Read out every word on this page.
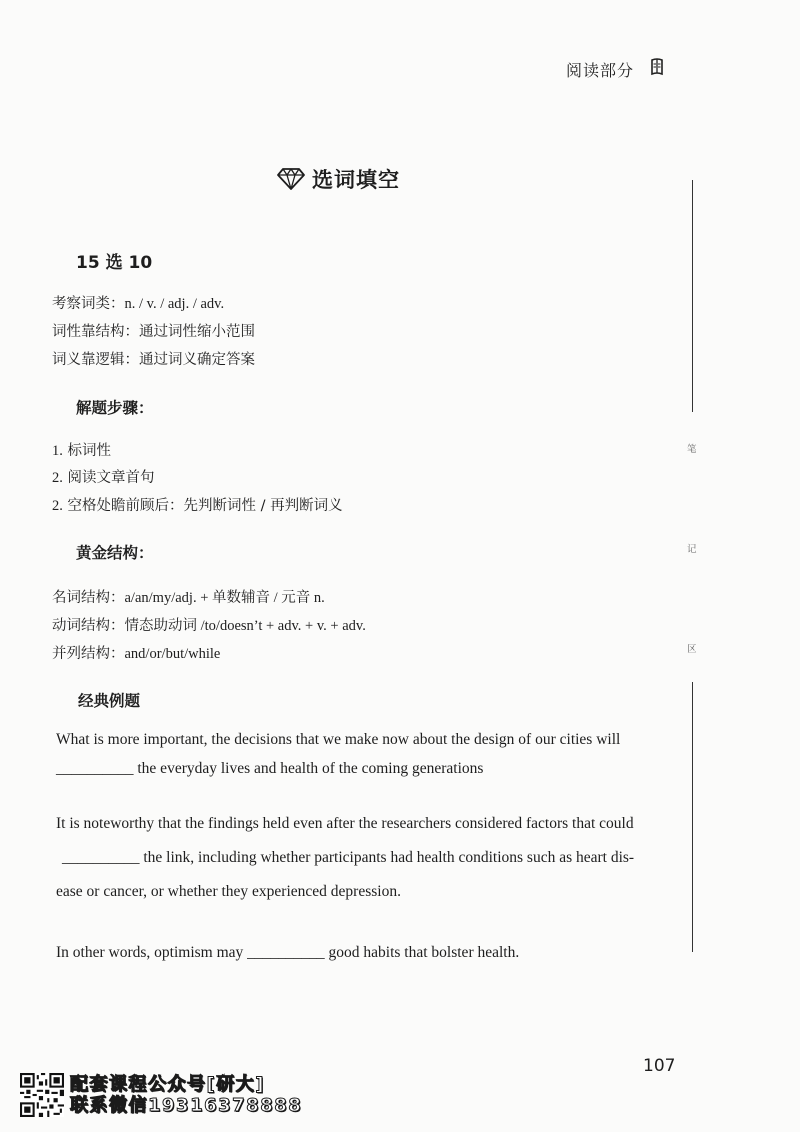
阅读部分
选词填空
15 选 10
考察词类：n. / v. / adj. / adv.
词性靠结构：通过词性缩小范围
词义靠逻辑：通过词义确定答案
解题步骤：
1. 标词性
2. 阅读文章首句
2. 空格处瞻前顾后：先判断词性 / 再判断词义
黄金结构：
名词结构：a/an/my/adj. + 单数辅音 / 元音 n.
动词结构：情态助动词 /to/doesn’t + adv. + v. + adv.
并列结构：and/or/but/while
经典例题
What is more important, the decisions that we make now about the design of our cities will
__________ the everyday lives and health of the coming generations
It is noteworthy that the findings held even after the researchers considered factors that could
__________ the link, including whether participants had health conditions such as heart dis-
ease or cancer, or whether they experienced depression.
In other words, optimism may __________ good habits that bolster health.
笔
记
区
107
配套课程公众号[研大]
联系微信19316378888
